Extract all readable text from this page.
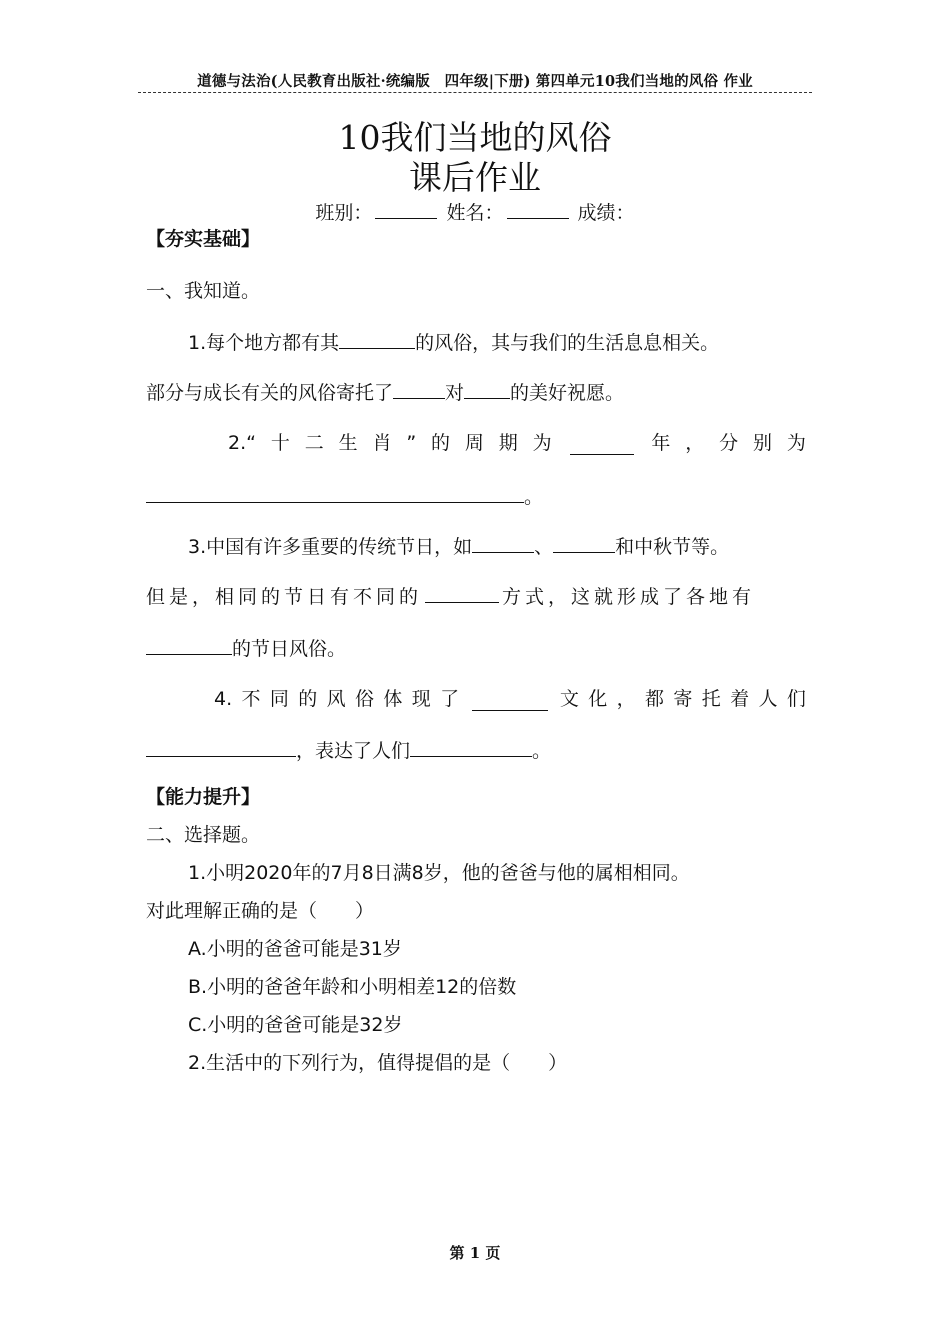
道德与法治(人民教育出版社·统编版　四年级|下册) 第四单元10我们当地的风俗 作业
10我们当地的风俗
课后作业
班别：	姓名：	成绩：
【夯实基础】
一、我知道。
1.每个地方都有其	的风俗，其与我们的生活息息相关。
部分与成长有关的风俗寄托了	对 的美好祝愿。
2.“ 十 二 生 肖 ” 的 周 期 为	年 ， 分 别 为
。
3.中国有许多重要的传统节日，如	、	和中秋节等。
但是，相同的节日有不同的	方式，这就形成了各地有
的节日风俗。
4. 不 同 的 风 俗 体 现 了	文 化 ， 都 寄 托 着 人 们
，表达了人们	。
【能力提升】
二、选择题。
1.小明2020年的7月8日满8岁，他的爸爸与他的属相相同。
对此理解正确的是（　　）
A.小明的爸爸可能是31岁
B.小明的爸爸年龄和小明相差12的倍数
C.小明的爸爸可能是32岁
2.生活中的下列行为，值得提倡的是（　　）
第 1 页
